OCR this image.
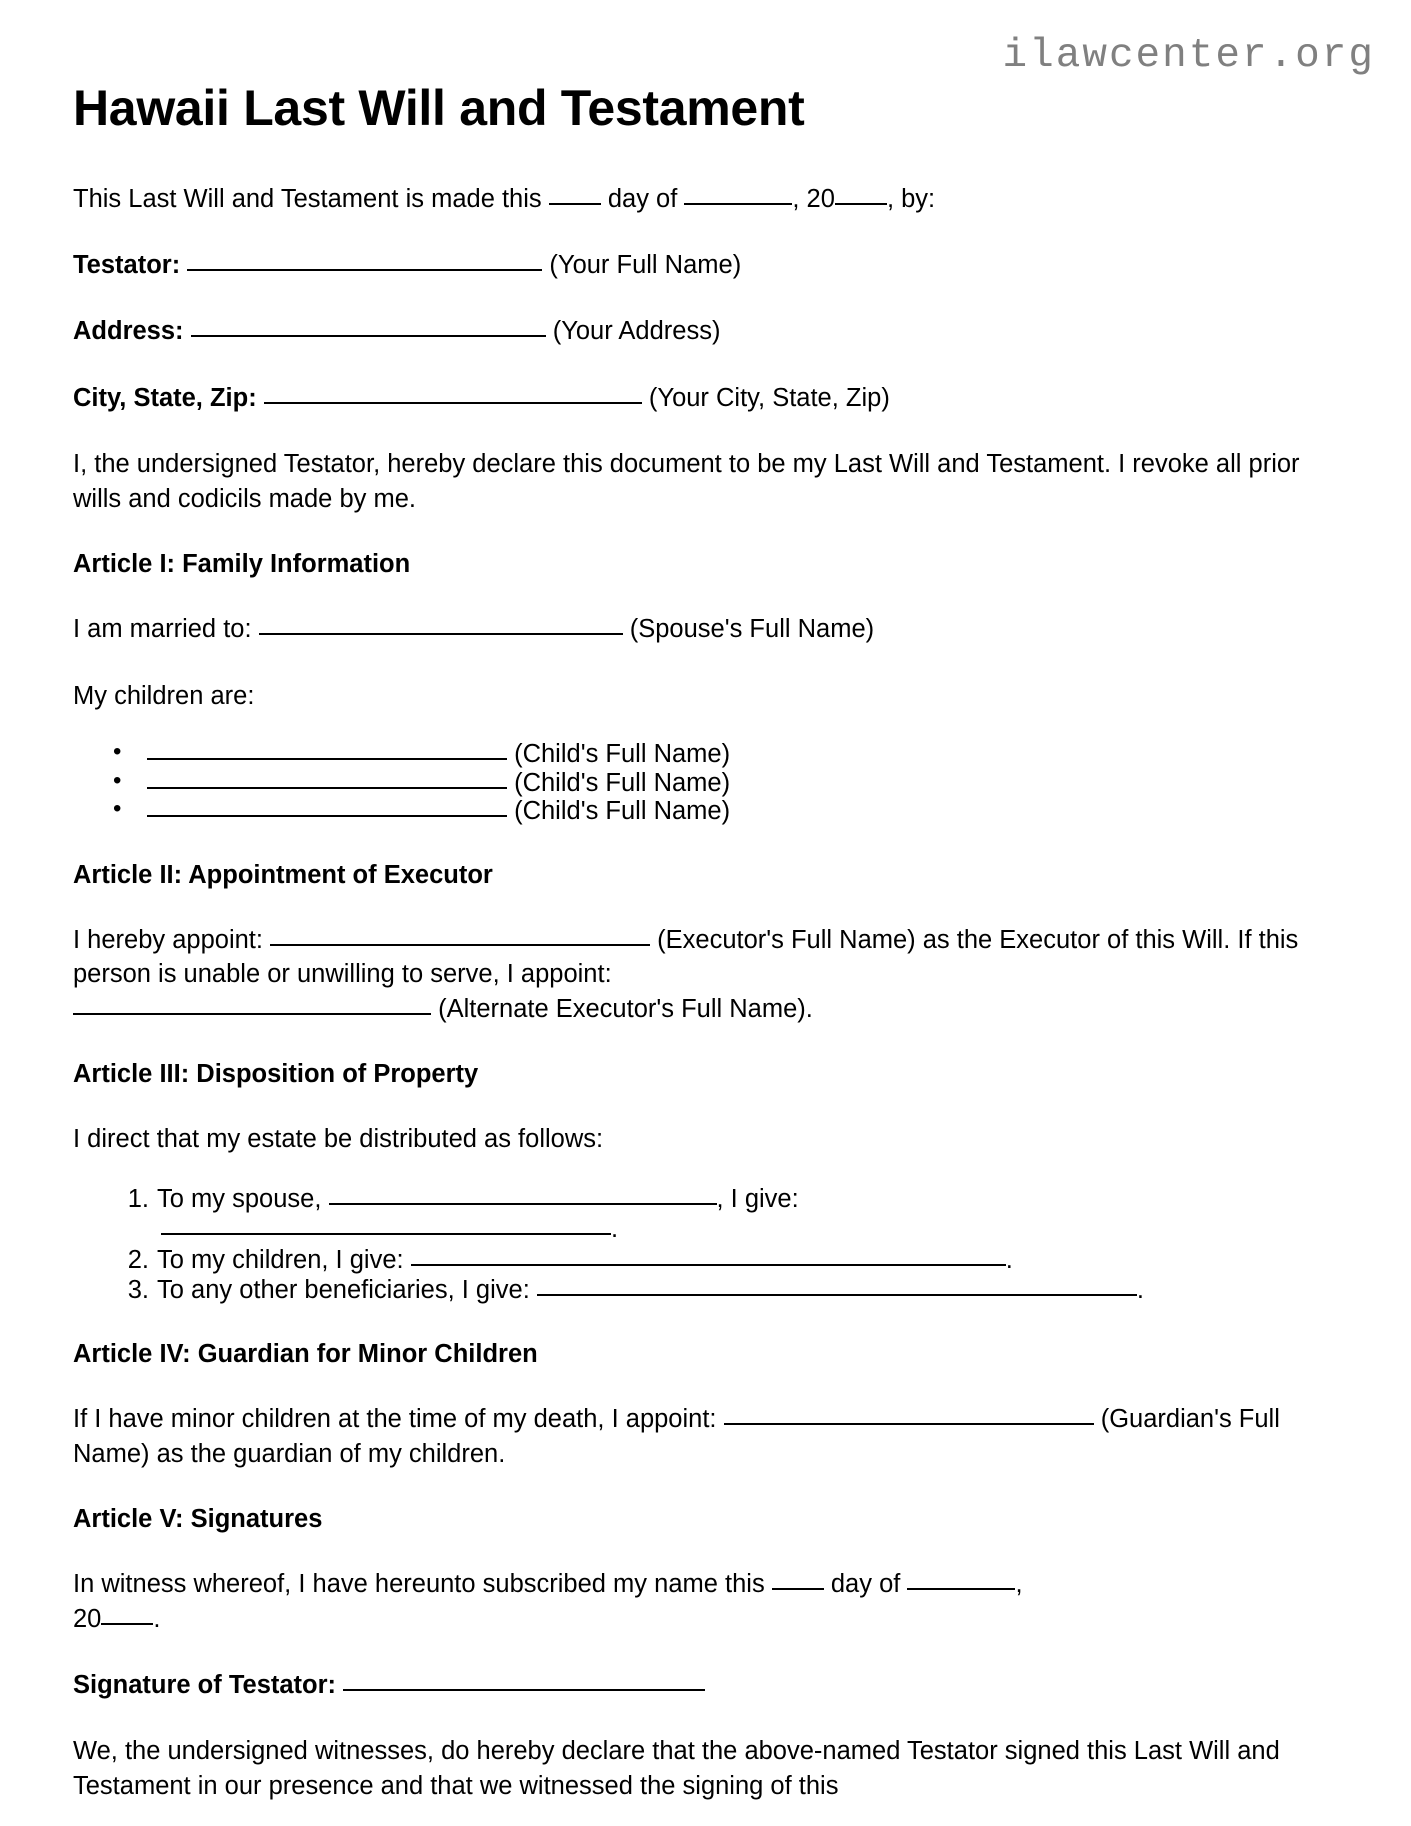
ilawcenter.org
Hawaii Last Will and Testament

This Last Will and Testament is made this	day of	, 20 , by:

Testator:	(Your Full Name)

Address:	(Your Address)

City, State, Zip:	(Your City, State, Zip)

I, the undersigned Testator, hereby declare this document to be my Last Will and Testament. I revoke all prior wills and codicils made by me.

Article I: Family Information

I am married to:	(Spouse's Full Name)

My children are:

• (Child's Full Name)
• (Child's Full Name)
• (Child's Full Name)
Article II: Appointment of Executor

I hereby appoint:	(Executor's Full Name) as the Executor of this Will. If this person is unable or unwilling to serve, I appoint:
(Alternate Executor's Full Name).

Article III: Disposition of Property

I direct that my estate be distributed as follows:

To my spouse,	, I give:
.
To my children, I give:	.
To any other beneficiaries, I give:	.
Article IV: Guardian for Minor Children

If I have minor children at the time of my death, I appoint:	(Guardian's Full Name) as the guardian of my children.

Article V: Signatures

In witness whereof, I have hereunto subscribed my name this	day of	,
20 .

Signature of Testator:

We, the undersigned witnesses, do hereby declare that the above-named Testator signed this Last Will and Testament in our presence and that we witnessed the signing of this
